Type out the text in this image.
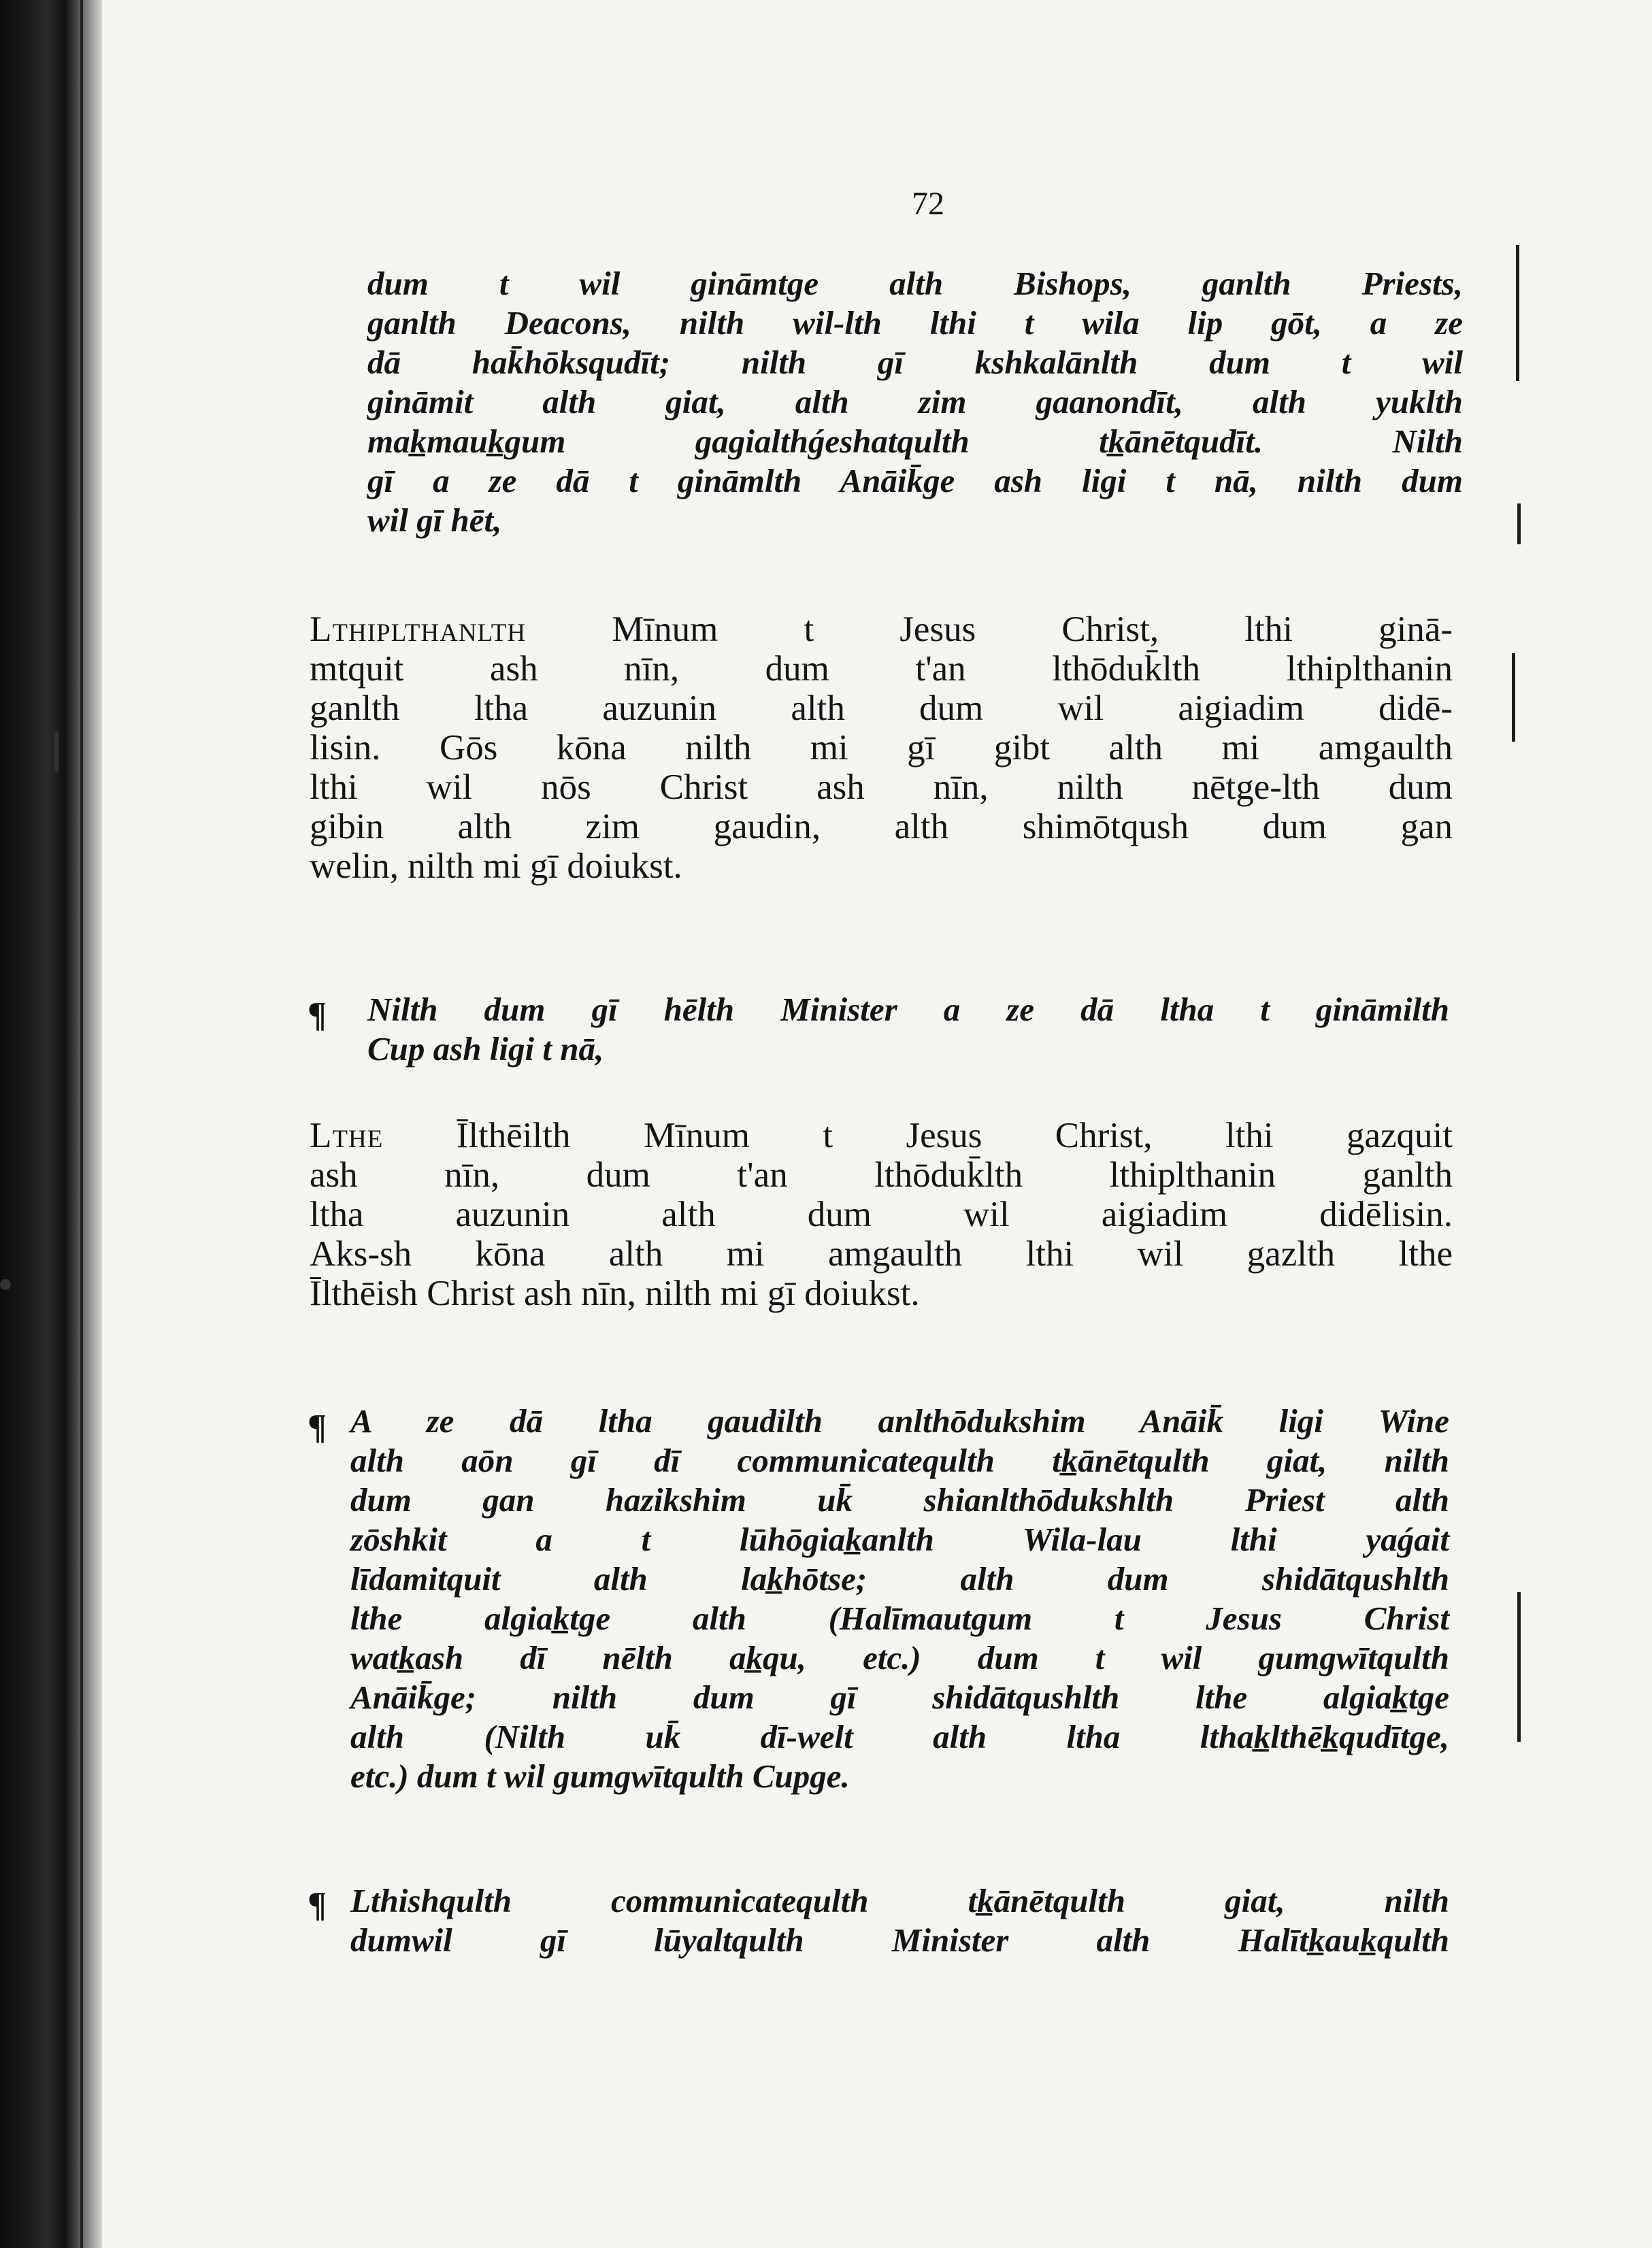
72
dum t wil gināmtge alth Bishops, ganlth Priests,
ganlth Deacons, nilth wil-lth lthi t wila lip gōt, a ze
dā hak̄hōksqudīt; nilth gī kshkalānlth dum t wil
gināmit alth giat, alth zim gaanondīt, alth yuklth
mak̲mauk̲gum gagialthǵeshatqulth tk̲ānētqudīt. Nilth
gī a ze dā t gināmlth Anāik̄ge ash ligi t nā, nilth dum
wil gī hēt,
Lthiplthanlth Mīnum t Jesus Christ, lthi ginā-
mtquit ash nīn, dum t'an lthōduk̄lth lthiplthanin
ganlth ltha auzunin alth dum wil aigiadim didē-
lisin. Gōs kōna nilth mi gī gibt alth mi amgaulth
lthi wil nōs Christ ash nīn, nilth nētge-lth dum
gibin alth zim gaudin, alth shimōtqush dum gan
welin, nilth mi gī doiukst.
¶ Nilth dum gī hēlth Minister a ze dā ltha t gināmilth
Cup ash ligi t nā,
Lthe Īlthēilth Mīnum t Jesus Christ, lthi gazquit
ash nīn, dum t'an lthōduk̄lth lthiplthanin ganlth
ltha auzunin alth dum wil aigiadim didēlisin.
Aks-sh kōna alth mi amgaulth lthi wil gazlth lthe
Īlthēish Christ ash nīn, nilth mi gī doiukst.
¶ A ze dā ltha gaudilth anlthōdukshim Anāik̄ ligi Wine
alth aōn gī dī communicatequlth tk̲ānētqulth giat, nilth
dum gan hazikshim uk̄ shianlthōdukshlth Priest alth
zōshkit a t lūhōgiak̲anlth Wila-lau lthi yaǵait
līdamitquit alth lak̲hōtse; alth dum shidātqushlth
lthe algiak̲tge alth (Halīmautgum t Jesus Christ
watk̲ash dī nēlth ak̲qu, etc.) dum t wil gumgwītqulth
Anāik̄ge; nilth dum gī shidātqushlth lthe algiak̲tge
alth (Nilth uk̄ dī-welt alth ltha lthak̲lthēk̲qudītge,
etc.) dum t wil gumgwītqulth Cupge.
¶ Lthishqulth communicatequlth tk̲ānētqulth giat, nilth
dumwil gī lūyaltqulth Minister alth Halītk̲auk̲qulth
